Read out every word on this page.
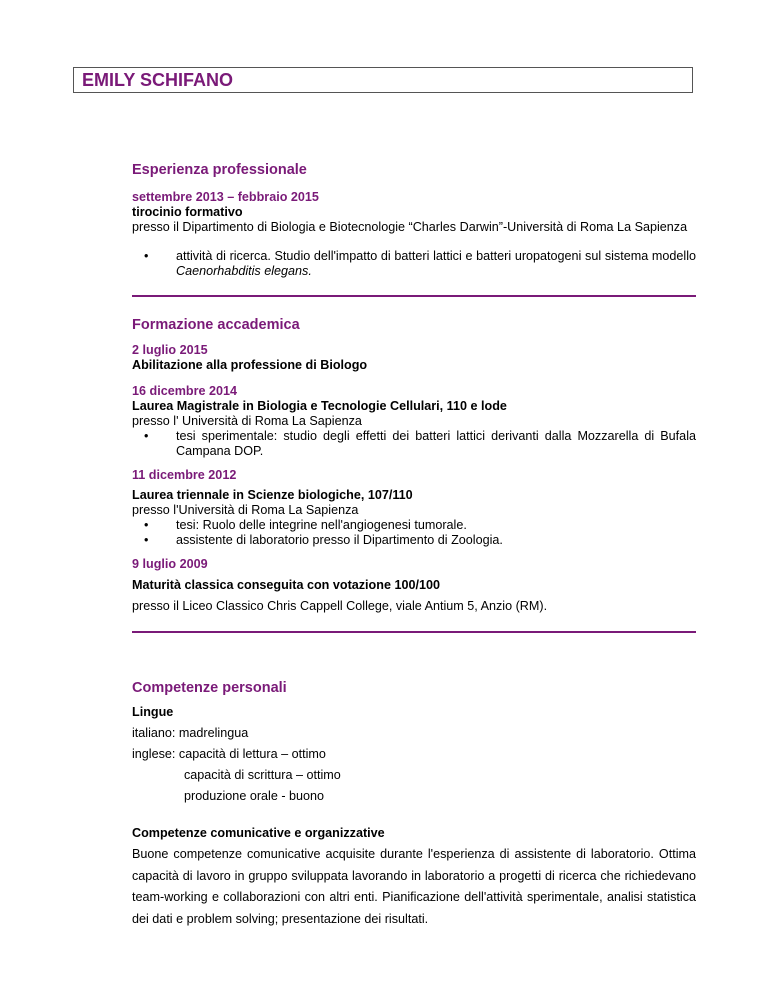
EMILY SCHIFANO

Esperienza professionale

settembre 2013 – febbraio 2015

tirocinio formativo

presso il Dipartimento di Biologia e Biotecnologie “Charles Darwin”-Università di Roma La Sapienza

• attività di ricerca. Studio dell'impatto di batteri lattici e batteri uropatogeni sul sistema modello Caenorhabditis elegans.

Formazione accademica

2 luglio 2015

Abilitazione alla professione di Biologo

16 dicembre 2014

Laurea Magistrale in Biologia e Tecnologie Cellulari, 110 e lode

presso l' Università di Roma La Sapienza

• tesi sperimentale: studio degli effetti dei batteri lattici derivanti dalla Mozzarella di Bufala Campana DOP.

11 dicembre 2012

Laurea triennale in Scienze biologiche, 107/110

presso l'Università di Roma La Sapienza

• tesi: Ruolo delle integrine nell'angiogenesi tumorale.
• assistente di laboratorio presso il Dipartimento di Zoologia.

9 luglio 2009

Maturità classica conseguita con votazione 100/100

presso il Liceo Classico Chris Cappell College, viale Antium 5, Anzio (RM).

Competenze personali

Lingue

italiano: madrelingua

inglese: capacità di lettura – ottimo

capacità di scrittura – ottimo

produzione orale - buono

Competenze comunicative e organizzative

Buone competenze comunicative acquisite durante l'esperienza di assistente di laboratorio. Ottima capacità di lavoro in gruppo sviluppata lavorando in laboratorio a progetti di ricerca che richiedevano team-working e collaborazioni con altri enti. Pianificazione dell'attività sperimentale, analisi statistica dei dati e problem solving; presentazione dei risultati.
